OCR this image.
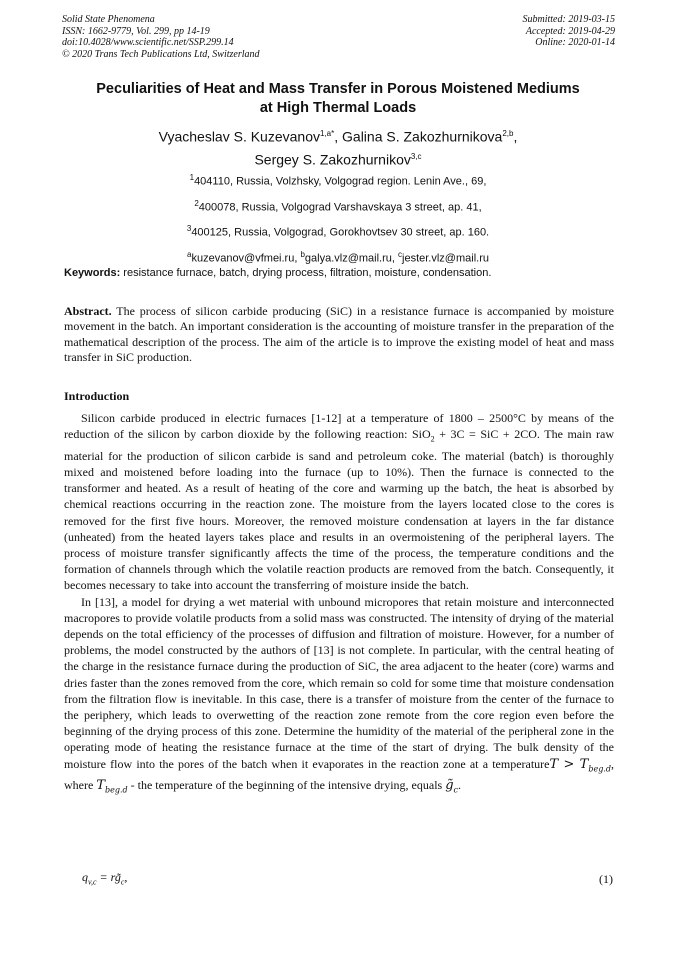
Solid State Phenomena
ISSN: 1662-9779, Vol. 299, pp 14-19
doi:10.4028/www.scientific.net/SSP.299.14
© 2020 Trans Tech Publications Ltd, Switzerland
Submitted: 2019-03-15
Accepted: 2019-04-29
Online: 2020-01-14
Peculiarities of Heat and Mass Transfer in Porous Moistened Mediums
at High Thermal Loads
Vyacheslav S. Kuzevanov$^{1,a*}$, Galina S. Zakozhurnikova$^{2,b}$,
Sergey S. Zakozhurnikov$^{3,c}$
$^1$404110, Russia, Volzhsky, Volgograd region. Lenin Ave., 69,
$^2$400078, Russia, Volgograd Varshavskaya 3 street, ap. 41,
$^3$400125, Russia, Volgograd, Gorokhovtsev 30 street, ap. 160.
$^a$kuzevanov@vfmei.ru, $^b$galya.vlz@mail.ru, $^c$jester.vlz@mail.ru
Keywords: resistance furnace, batch, drying process, filtration, moisture, condensation.
Abstract. The process of silicon carbide producing (SiC) in a resistance furnace is accompanied by moisture movement in the batch. An important consideration is the accounting of moisture transfer in the preparation of the mathematical description of the process. The aim of the article is to improve the existing model of heat and mass transfer in SiC production.
Introduction

Silicon carbide produced in electric furnaces [1-12] at a temperature of 1800 – 2500°C by means of the reduction of the silicon by carbon dioxide by the following reaction: SiO$_2$ + 3C = SiC + 2CO. The main raw material for the production of silicon carbide is sand and petroleum coke. The material (batch) is thoroughly mixed and moistened before loading into the furnace (up to 10%). Then the furnace is connected to the transformer and heated. As a result of heating of the core and warming up the batch, the heat is absorbed by chemical reactions occurring in the reaction zone. The moisture from the layers located close to the cores is removed for the first five hours. Moreover, the removed moisture condensation at layers in the far distance (unheated) from the heated layers takes place and results in an overmoistening of the peripheral layers. The process of moisture transfer significantly affects the time of the process, the temperature conditions and the formation of channels through which the volatile reaction products are removed from the batch. Consequently, it becomes necessary to take into account the transferring of moisture inside the batch.

In [13], a model for drying a wet material with unbound micropores that retain moisture and interconnected macropores to provide volatile products from a solid mass was constructed. The intensity of drying of the material depends on the total efficiency of the processes of diffusion and filtration of moisture. However, for a number of problems, the model constructed by the authors of [13] is not complete. In particular, with the central heating of the charge in the resistance furnace during the production of SiC, the area adjacent to the heater (core) warms and dries faster than the zones removed from the core, which remain so cold for some time that moisture condensation from the filtration flow is inevitable. In this case, there is a transfer of moisture from the center of the furnace to the periphery, which leads to overwetting of the reaction zone remote from the core region even before the beginning of the drying process of this zone. Determine the humidity of the material of the peripheral zone in the operating mode of heating the resistance furnace at the time of the start of drying. The bulk density of the moisture flow into the pores of the batch when it evaporates in the reaction zone at a temperatureT > $T_{beg.d}$, where $T_{beg.d}$ - the temperature of the beginning of the intensive drying, equals $g̃_c$.

$q_{v,c}$ = $rg̃_c$,	(1)
